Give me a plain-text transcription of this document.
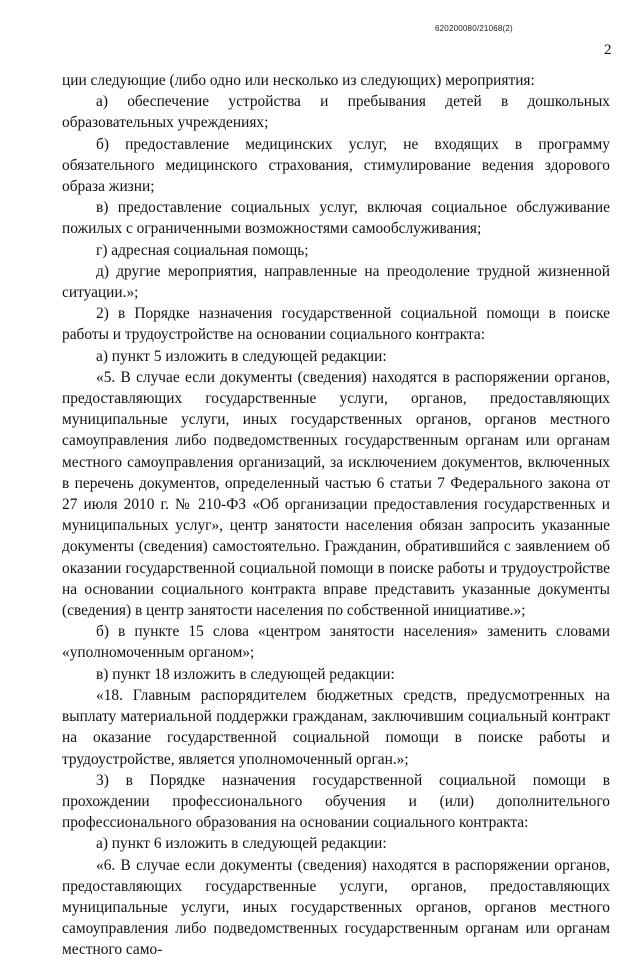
620200080/21068(2)
2

ции следующие (либо одно или несколько из следующих) мероприятия:

а) обеспечение устройства и пребывания детей в дошкольных образовательных учреждениях;

б) предоставление медицинских услуг, не входящих в программу обязательного медицинского страхования, стимулирование ведения здорового образа жизни;

в) предоставление социальных услуг, включая социальное обслуживание пожилых с ограниченными возможностями самообслуживания;

г) адресная социальная помощь;

д) другие мероприятия, направленные на преодоление трудной жизненной ситуации.»;

2) в Порядке назначения государственной социальной помощи в поиске работы и трудоустройстве на основании социального контракта:

а) пункт 5 изложить в следующей редакции:

«5. В случае если документы (сведения) находятся в распоряжении органов, предоставляющих государственные услуги, органов, предоставляющих муниципальные услуги, иных государственных органов, органов местного самоуправления либо подведомственных государственным органам или органам местного самоуправления организаций, за исключением документов, включенных в перечень документов, определенный частью 6 статьи 7 Федерального закона от 27 июля 2010 г. № 210-ФЗ «Об организации предоставления государственных и муниципальных услуг», центр занятости населения обязан запросить указанные документы (сведения) самостоятельно. Гражданин, обратившийся с заявлением об оказании государственной социальной помощи в поиске работы и трудоустройстве на основании социального контракта вправе представить указанные документы (сведения) в центр занятости населения по собственной инициативе.»;

б) в пункте 15 слова «центром занятости населения» заменить словами «уполномоченным органом»;

в) пункт 18 изложить в следующей редакции:

«18. Главным распорядителем бюджетных средств, предусмотренных на выплату материальной поддержки гражданам, заключившим социальный контракт на оказание государственной социальной помощи в поиске работы и трудоустройстве, является уполномоченный орган.»;

3) в Порядке назначения государственной социальной помощи в прохождении профессионального обучения и (или) дополнительного профессионального образования на основании социального контракта:

а) пункт 6 изложить в следующей редакции:

«6. В случае если документы (сведения) находятся в распоряжении органов, предоставляющих государственные услуги, органов, предоставляющих муниципальные услуги, иных государственных органов, органов местного самоуправления либо подведомственных государственным органам или органам местного само-
